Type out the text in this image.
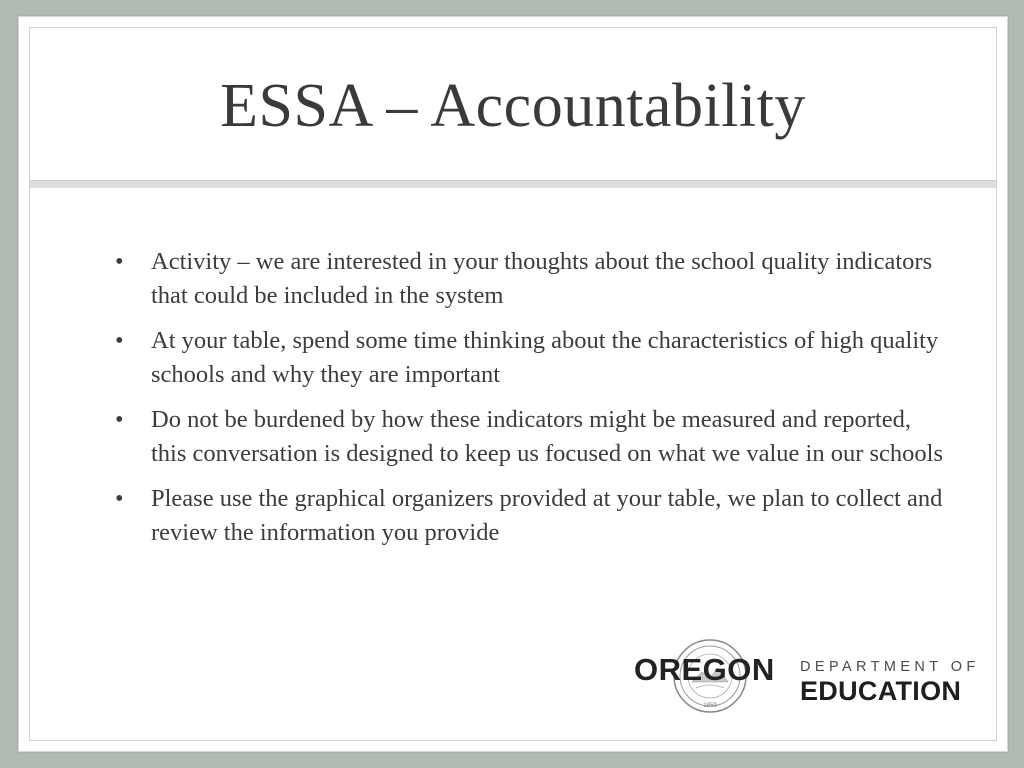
ESSA – Accountability
• Activity – we are interested in your thoughts about the school quality indicators that could be included in the system
• At your table, spend some time thinking about the characteristics of high quality schools and why they are important
• Do not be burdened by how these indicators might be measured and reported, this conversation is designed to keep us focused on what we value in our schools
• Please use the graphical organizers provided at your table, we plan to collect and review the information you provide
1859
OREGON DEPARTMENT OF
EDUCATION
